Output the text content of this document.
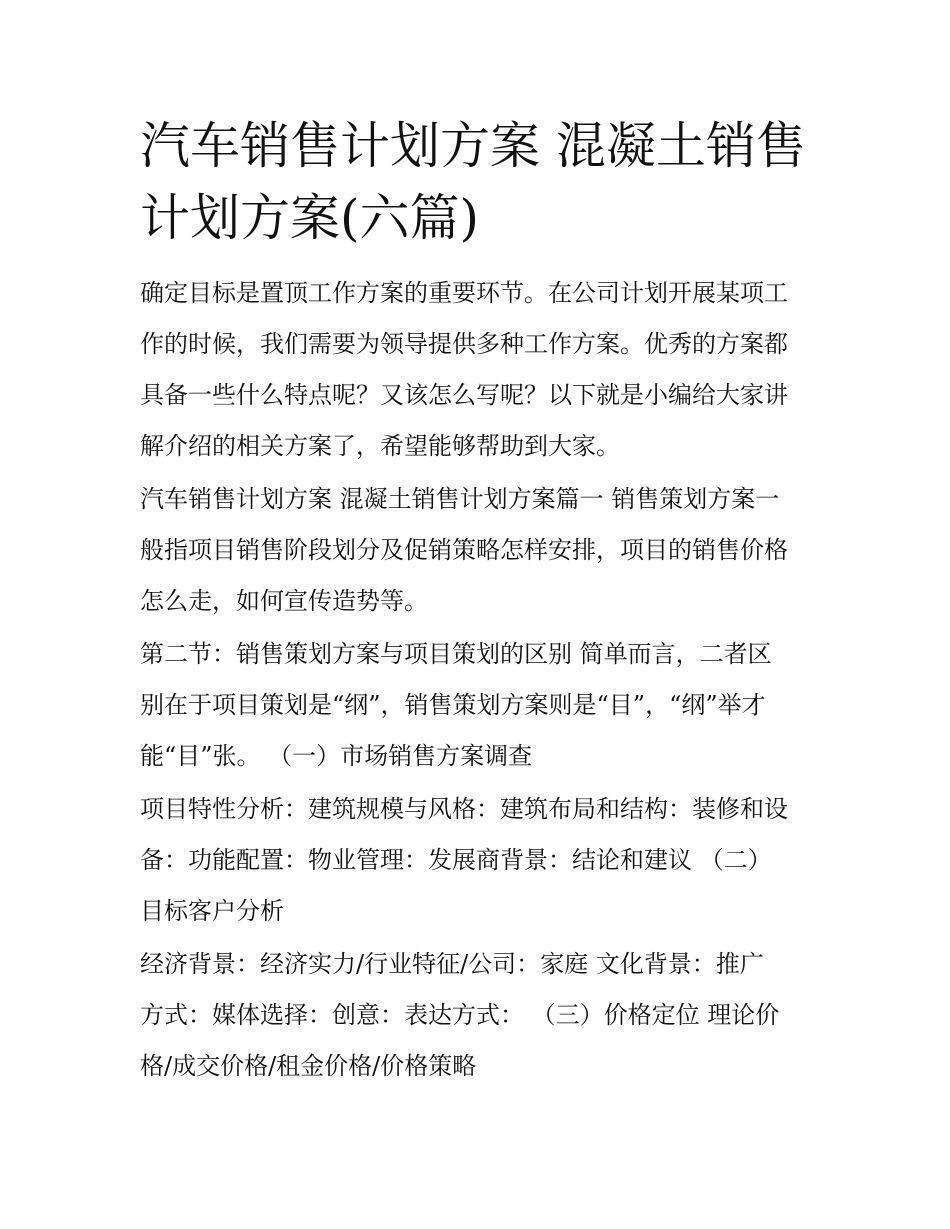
汽车销售计划方案 混凝土销售
计划方案(六篇)

确定目标是置顶工作方案的重要环节。在公司计划开展某项工
作的时候，我们需要为领导提供多种工作方案。优秀的方案都
具备一些什么特点呢？又该怎么写呢？以下就是小编给大家讲
解介绍的相关方案了，希望能够帮助到大家。

汽车销售计划方案 混凝土销售计划方案篇一 销售策划方案一
般指项目销售阶段划分及促销策略怎样安排，项目的销售价格
怎么走，如何宣传造势等。

第二节：销售策划方案与项目策划的区别 简单而言，二者区
别在于项目策划是“纲”，销售策划方案则是“目”，“纲”举才
能“目”张。 （一）市场销售方案调查

项目特性分析：建筑规模与风格：建筑布局和结构：装修和设
备：功能配置：物业管理：发展商背景：结论和建议 （二）
目标客户分析

经济背景：经济实力/行业特征/公司：家庭 文化背景：推广
方式：媒体选择：创意：表达方式： （三）价格定位 理论价
格/成交价格/租金价格/价格策略
